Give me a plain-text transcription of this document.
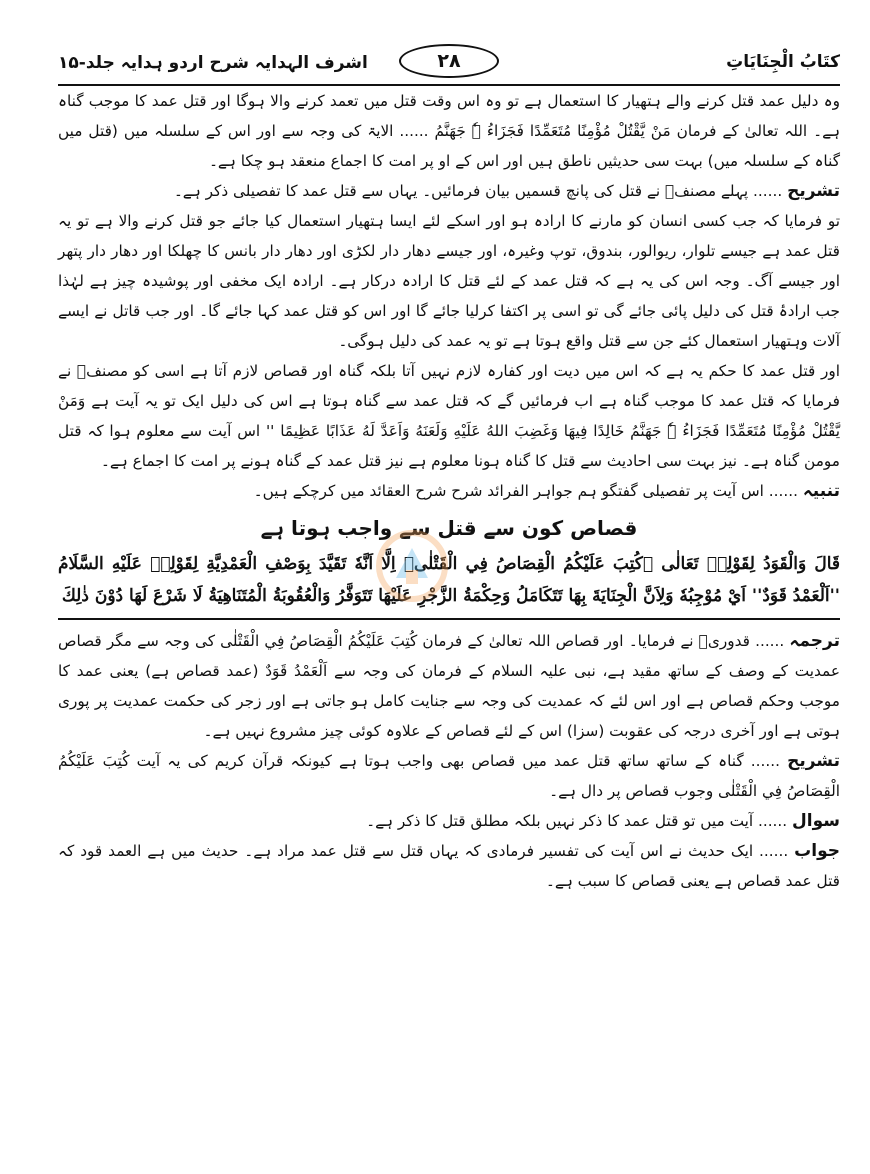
كتَابُ الْجِنَايَاتِ
۲۸
اشرف الہدایہ شرح اردو ہدایہ جلد-۱۵

وہ دلیل عمد قتل کرنے والے ہتھیار کا استعمال ہے تو وہ اس وقت قتل میں تعمد کرنے والا ہوگا اور قتل عمد کا موجب گناہ ہے۔ اللہ تعالیٰ کے فرمان مَنْ يَّقْتُلْ مُؤْمِنًا مُتَعَمِّدًا فَجَزَاءُ ہٗ جَهَنَّمُ ...... الایۃ کی وجہ سے اور اس کے سلسلہ میں (قتل میں گناہ کے سلسلہ میں) بہت سی حدیثیں ناطق ہیں اور اس کے او پر امت کا اجماع منعقد ہو چکا ہے۔

تشریح ...... پہلے مصنفؒ نے قتل کی پانچ قسمیں بیان فرمائیں۔ یہاں سے قتل عمد کا تفصیلی ذکر ہے۔

تو فرمایا کہ جب کسی انسان کو مارنے کا ارادہ ہو اور اسکے لئے ایسا ہتھیار استعمال کیا جائے جو قتل کرنے والا ہے تو یہ قتل عمد ہے جیسے تلوار، ریوالور، بندوق، توپ وغیرہ، اور جیسے دھار دار لکڑی اور دھار دار بانس کا چھلکا اور دھار دار پتھر اور جیسے آگ۔ وجہ اس کی یہ ہے کہ قتل عمد کے لئے قتل کا ارادہ درکار ہے۔ ارادہ ایک مخفی اور پوشیدہ چیز ہے لہٰذا جب ارادۂ قتل کی دلیل پائی جائے گی تو اسی پر اکتفا کرلیا جائے گا اور اس کو قتل عمد کہا جائے گا۔ اور جب قاتل نے ایسے آلات وہتھیار استعمال کئے جن سے قتل واقع ہوتا ہے تو یہ عمد کی دلیل ہوگی۔

اور قتل عمد کا حکم یہ ہے کہ اس میں دیت اور کفارہ لازم نہیں آتا بلکہ گناہ اور قصاص لازم آتا ہے اسی کو مصنفؒ نے فرمایا کہ قتل عمد کا موجب گناہ ہے اب فرمائیں گے کہ قتل عمد سے گناہ ہوتا ہے اس کی دلیل ایک تو یہ آیت ہے وَمَنْ يَّقْتُلْ مُؤْمِنًا مُتَعَمِّدًا فَجَزَاءُ ہٗ جَهَنَّمُ خَالِدًا فِيهَا وَغَضِبَ اللهُ عَلَيْهِ وَلَعَنَهُ وَاَعَدَّ لَهُ عَذَابًا عَظِيمًا '' اس آیت سے معلوم ہوا کہ قتل مومن گناہ ہے۔ نیز بہت سی احادیث سے قتل کا گناہ ہونا معلوم ہے نیز قتل عمد کے گناہ ہونے پر امت کا اجماع ہے۔

تنبیہ ...... اس آیت پر تفصیلی گفتگو ہم جواہر الفرائد شرح شرح العقائد میں کرچکے ہیں۔

قصاص کون سے قتل سے واجب ہوتا ہے
قَالَ وَالْقَوَدُ لِقَوْلِهٖ تَعَالٰى ﴿كُتِبَ عَلَيْكُمُ الْقِصَاصُ فِي الْقَتْلٰى﴾ اِلَّا اَنَّهٗ تَقَيَّدَ بِوَصْفِ الْعَمْدِيَّةِ لِقَوْلِهٖ عَلَيْهِ السَّلَامُ ''اَلْعَمْدُ قَوَدٌ'' اَيْ مُوْجِبُهٗ وَلِاَنَّ الْجِنَايَةَ بِهَا تَتَكَامَلُ وَحِكْمَةُ الزَّجْرِ عَلَيْهَا تَتَوَفَّرُ وَالْعُقُوبَةُ الْمُتَنَاهِيَةُ لَا شَرْعَ لَهَا دُوْنَ ذٰلِكَ

ترجمہ ...... قدوریؒ نے فرمایا۔ اور قصاص اللہ تعالیٰ کے فرمان كُتِبَ عَلَيْكُمُ الْقِصَاصُ فِي الْقَتْلٰى کی وجہ سے مگر قصاص عمدیت کے وصف کے ساتھ مقید ہے، نبی علیہ السلام کے فرمان کی وجہ سے اَلْعَمْدُ قَوَدٌ (عمد قصاص ہے) یعنی عمد کا موجب وحکم قصاص ہے اور اس لئے کہ عمدیت کی وجہ سے جنایت کامل ہو جاتی ہے اور زجر کی حکمت عمدیت پر پوری ہوتی ہے اور آخری درجہ کی عقوبت (سزا) اس کے لئے قصاص کے علاوہ کوئی چیز مشروع نہیں ہے۔

تشریح ...... گناہ کے ساتھ ساتھ قتل عمد میں قصاص بھی واجب ہوتا ہے کیونکہ قرآن کریم کی یہ آیت كُتِبَ عَلَيْكُمُ الْقِصَاصُ فِي الْقَتْلٰى وجوب قصاص پر دال ہے۔

سوال ...... آیت میں تو قتل عمد کا ذکر نہیں بلکہ مطلق قتل کا ذکر ہے۔

جواب ...... ایک حدیث نے اس آیت کی تفسیر فرمادی کہ یہاں قتل سے قتل عمد مراد ہے۔ حدیث میں ہے العمد قود کہ قتل عمد قصاص ہے یعنی قصاص کا سبب ہے۔
